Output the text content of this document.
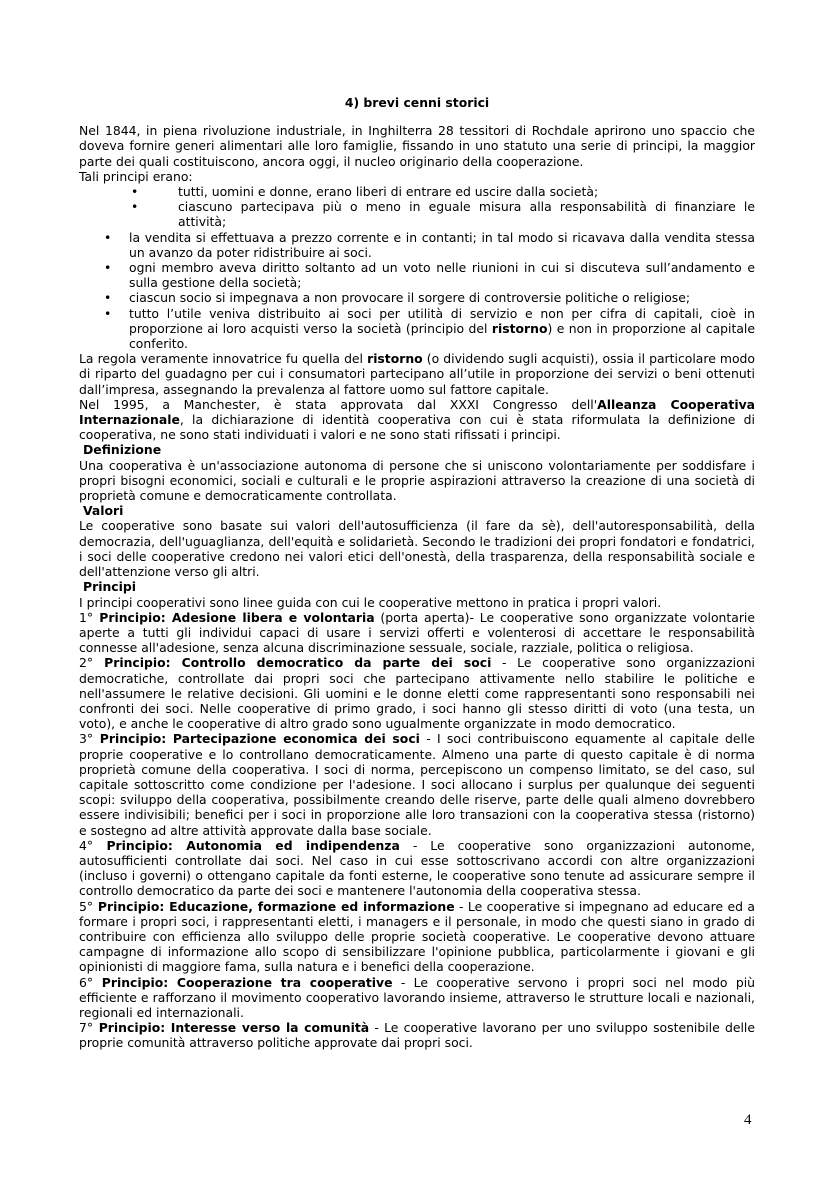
4) brevi cenni storici

Nel 1844, in piena rivoluzione industriale, in Inghilterra 28 tessitori di Rochdale aprirono uno spaccio che doveva fornire generi alimentari alle loro famiglie, fissando in uno statuto una serie di principi, la maggior parte dei quali costituiscono, ancora oggi, il nucleo originario della cooperazione.

Tali principi erano:

•	tutti, uomini e donne, erano liberi di entrare ed uscire dalla società;
•	ciascuno partecipava più o meno in eguale misura alla responsabilità di finanziare le attività;
• la vendita si effettuava a prezzo corrente e in contanti; in tal modo si ricavava dalla vendita stessa un avanzo da poter ridistribuire ai soci.
• ogni membro aveva diritto soltanto ad un voto nelle riunioni in cui si discuteva sull’andamento e sulla gestione della società;
• ciascun socio si impegnava a non provocare il sorgere di controversie politiche o religiose;
• tutto l’utile veniva distribuito ai soci per utilità di servizio e non per cifra di capitali, cioè in proporzione ai loro acquisti verso la società (principio del ristorno) e non in proporzione al capitale conferito.

La regola veramente innovatrice fu quella del ristorno (o dividendo sugli acquisti), ossia il particolare modo di riparto del guadagno per cui i consumatori partecipano all’utile in proporzione dei servizi o beni ottenuti dall’impresa, assegnando la prevalenza al fattore uomo sul fattore capitale.

Nel 1995, a Manchester, è stata approvata dal XXXI Congresso dell'Alleanza Cooperativa Internazionale, la dichiarazione di identità cooperativa con cui è stata riformulata la definizione di cooperativa, ne sono stati individuati i valori e ne sono stati rifissati i principi.

Definizione

Una cooperativa è un'associazione autonoma di persone che si uniscono volontariamente per soddisfare i propri bisogni economici, sociali e culturali e le proprie aspirazioni attraverso la creazione di una società di proprietà comune e democraticamente controllata.

Valori

Le cooperative sono basate sui valori dell'autosufficienza (il fare da sè), dell'autoresponsabilità, della democrazia, dell'uguaglianza, dell'equità e solidarietà. Secondo le tradizioni dei propri fondatori e fondatrici, i soci delle cooperative credono nei valori etici dell'onestà, della trasparenza, della responsabilità sociale e dell'attenzione verso gli altri.

Principi

I principi cooperativi sono linee guida con cui le cooperative mettono in pratica i propri valori.

1° Principio: Adesione libera e volontaria (porta aperta)- Le cooperative sono organizzate volontarie aperte a tutti gli individui capaci di usare i servizi offerti e volenterosi di accettare le responsabilità connesse all'adesione, senza alcuna discriminazione sessuale, sociale, razziale, politica o religiosa.

2° Principio: Controllo democratico da parte dei soci - Le cooperative sono organizzazioni democratiche, controllate dai propri soci che partecipano attivamente nello stabilire le politiche e nell'assumere le relative decisioni. Gli uomini e le donne eletti come rappresentanti sono responsabili nei confronti dei soci. Nelle cooperative di primo grado, i soci hanno gli stesso diritti di voto (una testa, un voto), e anche le cooperative di altro grado sono ugualmente organizzate in modo democratico.

3° Principio: Partecipazione economica dei soci - I soci contribuiscono equamente al capitale delle proprie cooperative e lo controllano democraticamente. Almeno una parte di questo capitale è di norma proprietà comune della cooperativa. I soci di norma, percepiscono un compenso limitato, se del caso, sul capitale sottoscritto come condizione per l'adesione. I soci allocano i surplus per qualunque dei seguenti scopi: sviluppo della cooperativa, possibilmente creando delle riserve, parte delle quali almeno dovrebbero essere indivisibili; benefici per i soci in proporzione alle loro transazioni con la cooperativa stessa (ristorno) e sostegno ad altre attività approvate dalla base sociale.

4° Principio: Autonomia ed indipendenza - Le cooperative sono organizzazioni autonome, autosufficienti controllate dai soci. Nel caso in cui esse sottoscrivano accordi con altre organizzazioni (incluso i governi) o ottengano capitale da fonti esterne, le cooperative sono tenute ad assicurare sempre il controllo democratico da parte dei soci e mantenere l'autonomia della cooperativa stessa.

5° Principio: Educazione, formazione ed informazione - Le cooperative si impegnano ad educare ed a formare i propri soci, i rappresentanti eletti, i managers e il personale, in modo che questi siano in grado di contribuire con efficienza allo sviluppo delle proprie società cooperative. Le cooperative devono attuare campagne di informazione allo scopo di sensibilizzare l'opinione pubblica, particolarmente i giovani e gli opinionisti di maggiore fama, sulla natura e i benefici della cooperazione.

6° Principio: Cooperazione tra cooperative - Le cooperative servono i propri soci nel modo più efficiente e rafforzano il movimento cooperativo lavorando insieme, attraverso le strutture locali e nazionali, regionali ed internazionali.

7° Principio: Interesse verso la comunità - Le cooperative lavorano per uno sviluppo sostenibile delle proprie comunità attraverso politiche approvate dai propri soci.

4
